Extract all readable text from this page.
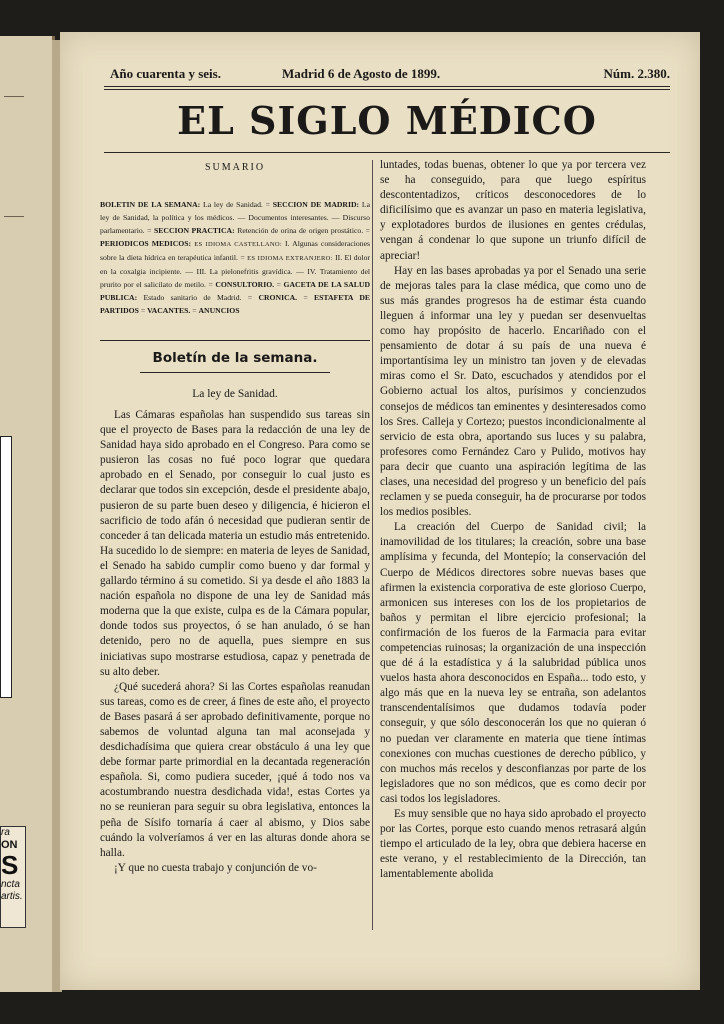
ra
ON
S
ncta
artis.
Año cuarenta y seis.	Madrid 6 de Agosto de 1899.	Núm. 2.380.
EL SIGLO MÉDICO
SUMARIO
BOLETIN DE LA SEMANA: La ley de Sanidad. = SECCION DE MADRID: La ley de Sanidad, la política y los médicos. — Documentos interesantes. — Discurso parlamentario. = SECCION PRACTICA: Retención de orina de origen prostático. = PERIODICOS MEDICOS: ES IDIOMA CASTELLANO: I. Algunas consideraciones sobre la dieta hídrica en terapéutica infantil. = ES IDIOMA EXTRANJERO: II. El dolor en la coxalgia incipiente. — III. La pielonefritis gravídica. — IV. Tratamiento del prurito por el salicilato de metilo. = CONSULTORIO. = GACETA DE LA SALUD PUBLICA: Estado sanitario de Madrid. = CRONICA. = ESTAFETA DE PARTIDOS = VACANTES. = ANUNCIOS
Boletín de la semana.
La ley de Sanidad.

Las Cámaras españolas han suspendido sus tareas sin que el proyecto de Bases para la redacción de una ley de Sanidad haya sido aprobado en el Congreso. Para como se pusieron las cosas no fué poco lograr que quedara aprobado en el Senado, por conseguir lo cual justo es declarar que todos sin excepción, desde el presidente abajo, pusieron de su parte buen deseo y diligencia, é hicieron el sacrificio de todo afán ó necesidad que pudieran sentir de conceder á tan delicada materia un estudio más entretenido. Ha sucedido lo de siempre: en materia de leyes de Sanidad, el Senado ha sabido cumplir como bueno y dar formal y gallardo término á su cometido. Si ya desde el año 1883 la nación española no dispone de una ley de Sanidad más moderna que la que existe, culpa es de la Cámara popular, donde todos sus proyectos, ó se han anulado, ó se han detenido, pero no de aquella, pues siempre en sus iniciativas supo mostrarse estudiosa, capaz y penetrada de su alto deber.

¿Qué sucederá ahora? Si las Cortes españolas reanudan sus tareas, como es de creer, á fines de este año, el proyecto de Bases pasará á ser aprobado definitivamente, porque no sabemos de voluntad alguna tan mal aconsejada y desdichadísima que quiera crear obstáculo á una ley que debe formar parte primordial en la decantada regeneración española. Si, como pudiera suceder, ¡qué á todo nos va acostumbrando nuestra desdichada vida!, estas Cortes ya no se reunieran para seguir su obra legislativa, entonces la peña de Sísifo tornaría á caer al abismo, y Dios sabe cuándo la volveríamos á ver en las alturas donde ahora se halla.

¡Y que no cuesta trabajo y conjunción de vo-

luntades, todas buenas, obtener lo que ya por tercera vez se ha conseguido, para que luego espíritus descontentadizos, críticos desconocedores de lo dificilísimo que es avanzar un paso en materia legislativa, y explotadores burdos de ilusiones en gentes crédulas, vengan á condenar lo que supone un triunfo difícil de apreciar!

Hay en las bases aprobadas ya por el Senado una serie de mejoras tales para la clase médica, que como uno de sus más grandes progresos ha de estimar ésta cuando lleguen á informar una ley y puedan ser desenvueltas como hay propósito de hacerlo. Encariñado con el pensamiento de dotar á su país de una nueva é importantísima ley un ministro tan joven y de elevadas miras como el Sr. Dato, escuchados y atendidos por el Gobierno actual los altos, purísimos y concienzudos consejos de médicos tan eminentes y desinteresados como los Sres. Calleja y Cortezo; puestos incondicionalmente al servicio de esta obra, aportando sus luces y su palabra, profesores como Fernández Caro y Pulido, motivos hay para decir que cuanto una aspiración legítima de las clases, una necesidad del progreso y un beneficio del país reclamen y se pueda conseguir, ha de procurarse por todos los medios posibles.

La creación del Cuerpo de Sanidad civil; la inamovilidad de los titulares; la creación, sobre una base amplísima y fecunda, del Montepío; la conservación del Cuerpo de Médicos directores sobre nuevas bases que afirmen la existencia corporativa de este glorioso Cuerpo, armonicen sus intereses con los de los propietarios de baños y permitan el libre ejercicio profesional; la confirmación de los fueros de la Farmacia para evitar competencias ruinosas; la organización de una inspección que dé á la estadística y á la salubridad pública unos vuelos hasta ahora desconocidos en España... todo esto, y algo más que en la nueva ley se entraña, son adelantos transcendentalísimos que dudamos todavía poder conseguir, y que sólo desconocerán los que no quieran ó no puedan ver claramente en materia que tiene íntimas conexiones con muchas cuestiones de derecho público, y con muchos más recelos y desconfianzas por parte de los legisladores que no son médicos, que es como decir por casi todos los legisladores.

Es muy sensible que no haya sido aprobado el proyecto por las Cortes, porque esto cuando menos retrasará algún tiempo el articulado de la ley, obra que debiera hacerse en este verano, y el restablecimiento de la Dirección, tan lamentablemente abolida
